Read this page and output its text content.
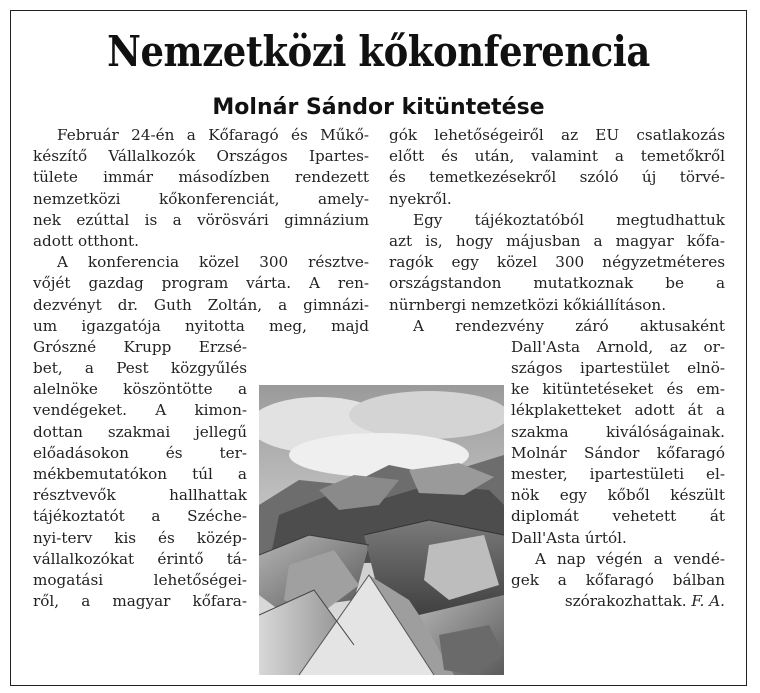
Nemzetközi kőkonferencia
Molnár Sándor kitüntetése
Február 24-én a Kőfaragó és Műkő-
készítő Vállalkozók Országos Ipartes-
tülete immár másodízben rendezett
nemzetközi kőkonferenciát, amely-
nek ezúttal is a vörösvári gimnázium
adott otthont.
A konferencia közel 300 résztve-
vőjét gazdag program várta. A ren-
dezvényt dr. Guth Zoltán, a gimnázi-
um igazgatója nyitotta meg, majd
Grószné Krupp Erzsé-
bet, a Pest közgyűlés
alelnöke köszöntötte a
vendégeket. A kimon-
dottan szakmai jellegű
előadásokon és ter-
mékbemutatókon túl a
résztvevők hallhattak
tájékoztatót a Széche-
nyi-terv kis és közép-
vállalkozókat érintő tá-
mogatási lehetőségei-
ről, a magyar kőfara-
gók lehetőségeiről az EU csatlakozás
előtt és után, valamint a temetőkről
és temetkezésekről szóló új törvé-
nyekről.
Egy tájékoztatóból megtudhattuk
azt is, hogy májusban a magyar kőfa-
ragók egy közel 300 négyzetméteres
országstandon mutatkoznak be a
nürnbergi nemzetközi kőkiállításon.
A rendezvény záró aktusaként
Dall'Asta Arnold, az or-
szágos ipartestület elnö-
ke kitüntetéseket és em-
lékplaketteket adott át a
szakma kiválóságainak.
Molnár Sándor kőfaragó
mester, ipartestületi el-
nök egy kőből készült
diplomát vehetett át
Dall'Asta úrtól.
A nap végén a vendé-
gek a kőfaragó bálban
szórakozhattak. F. A.
